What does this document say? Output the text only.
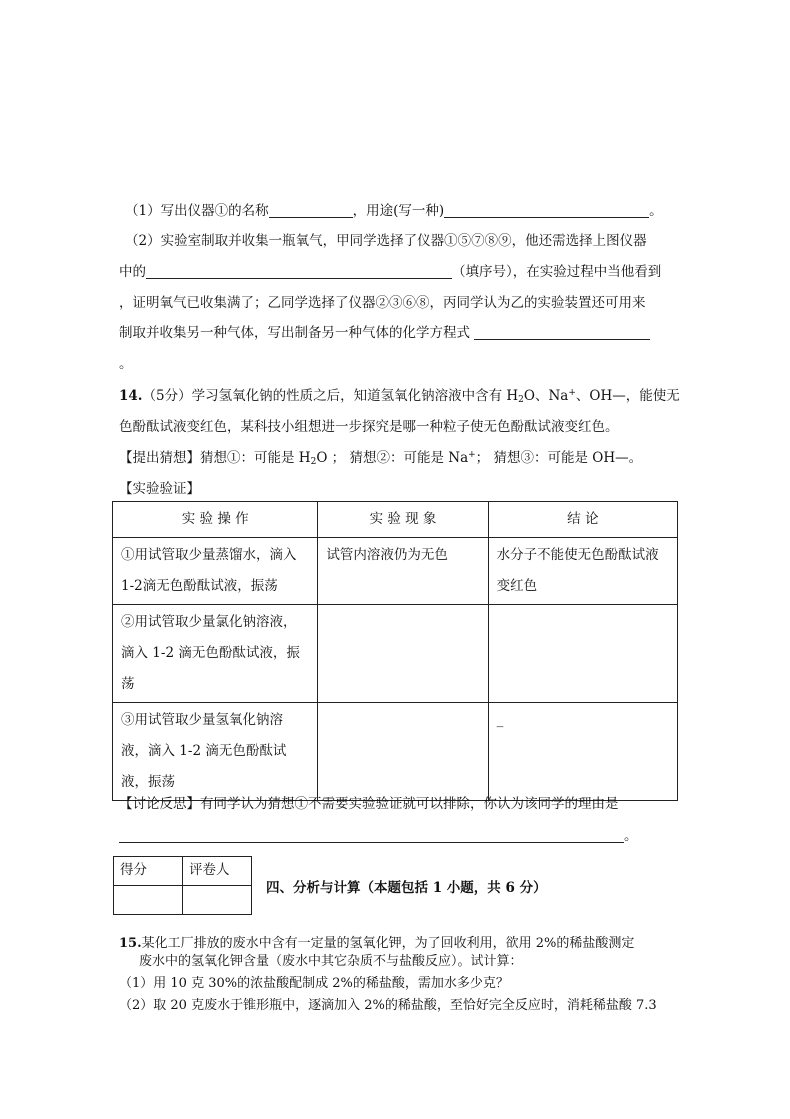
（1）写出仪器①的名称	，用途(写一种)	。
（2）实验室制取并收集一瓶氧气，甲同学选择了仪器①⑤⑦⑧⑨，他还需选择上图仪器
中的	（填序号），在实验过程中当他看到
，证明氧气已收集满了；乙同学选择了仪器②③⑥⑧，丙同学认为乙的实验装置还可用来
制取并收集另一种气体，写出制备另一种气体的化学方程式
。
14.（5分）学习氢氧化钠的性质之后，知道氢氧化钠溶液中含有 $H_2O$、Na+、OH—，能使无
色酚酞试液变红色，某科技小组想进一步探究是哪一种粒子使无色酚酞试液变红色。
【提出猜想】猜想①：可能是 $H_2O$ ； 猜想②：可能是 Na+； 猜想③：可能是 OH—。
【实验验证】
实 验 操 作	实 验 现 象	结 论
①用试管取少量蒸馏水，滴入1-2滴无色酚酞试液，振荡	试管内溶液仍为无色	水分子不能使无色酚酞试液变红色
②用试管取少量氯化钠溶液，滴入 1-2 滴无色酚酞试液，振荡		
③用试管取少量氢氧化钠溶液，滴入 1-2 滴无色酚酞试液，振荡		_
【讨论反思】有同学认为猜想①不需要实验验证就可以排除，你认为该同学的理由是
。
得分	评卷人

四、分析与计算（本题包括 1 小题，共 6 分）
15.某化工厂排放的废水中含有一定量的氢氧化钾，为了回收利用，欲用 2%的稀盐酸测定
废水中的氢氧化钾含量（废水中其它杂质不与盐酸反应）。试计算：
（1）用 10 克 30%的浓盐酸配制成 2%的稀盐酸，需加水多少克？
（2）取 20 克废水于锥形瓶中，逐滴加入 2%的稀盐酸，至恰好完全反应时，消耗稀盐酸 7.3
